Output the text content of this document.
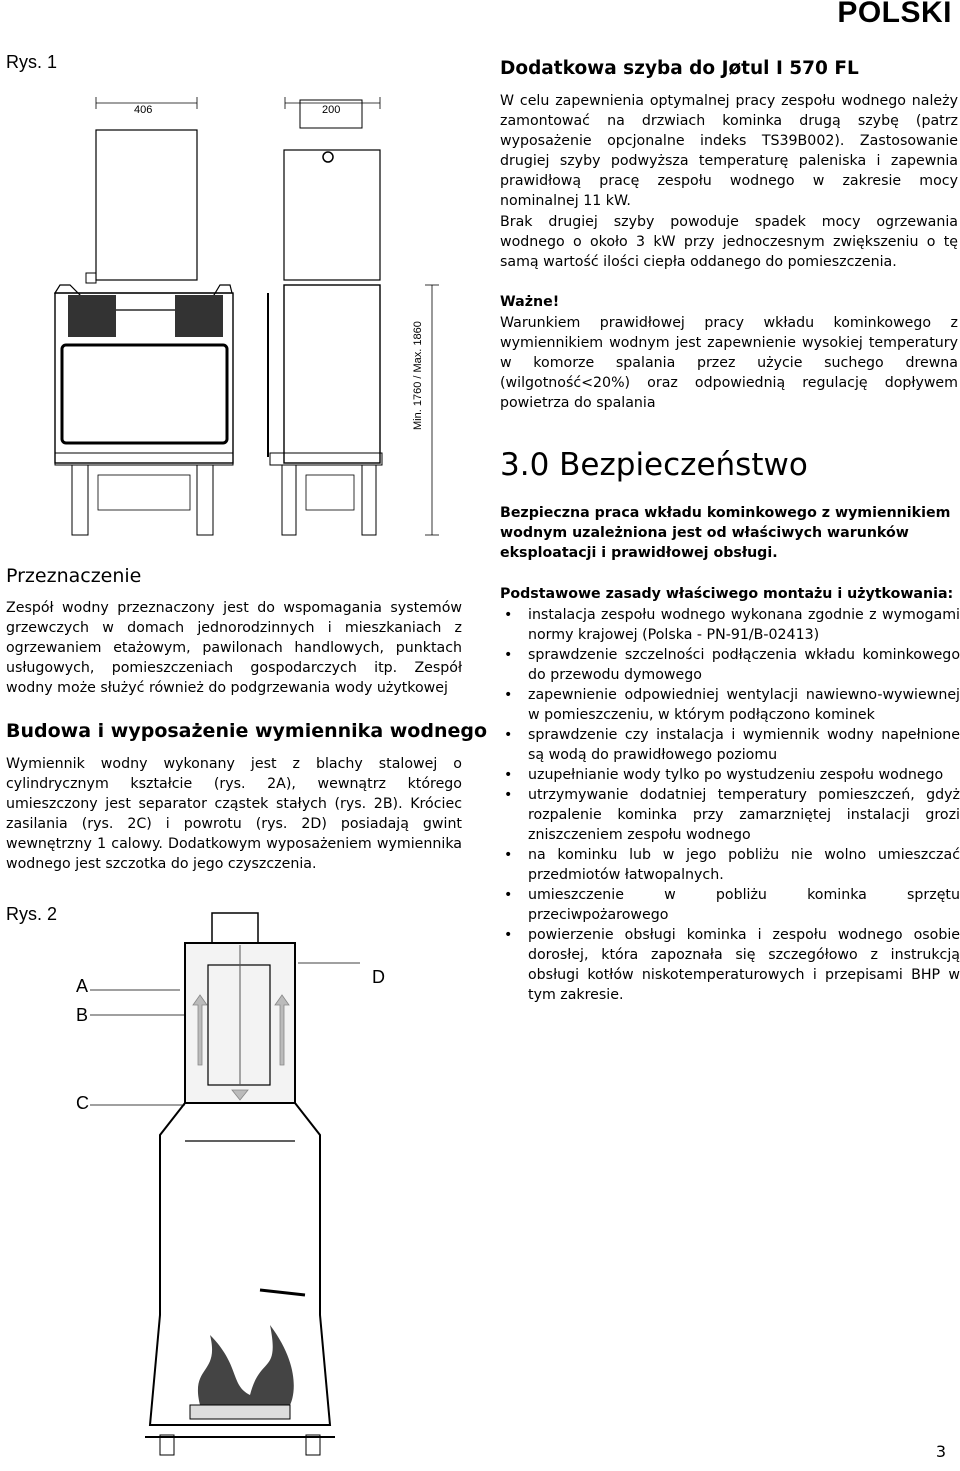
POLSKI
Rys. 1
406	200
Min. 1760 / Max. 1860
Przeznaczenie
Zespół wodny przeznaczony jest do wspomagania systemów grzewczych w domach jednorodzinnych i mieszkaniach z ogrzewaniem etażowym, pawilonach handlowych, punktach usługowych, pomieszczeniach gospodarczych itp. Zespół wodny może służyć również do podgrzewania wody użytkowej
Budowa i wyposażenie wymiennika wodnego
Wymiennik wodny wykonany jest z blachy stalowej o cylindrycznym kształcie (rys. 2A), wewnątrz którego umieszczony jest separator cząstek stałych (rys. 2B). Króciec zasilania (rys. 2C) i powrotu (rys. 2D) posiadają gwint wewnętrzny 1 calowy. Dodatkowym wyposażeniem wymiennika wodnego jest szczotka do jego czyszczenia.
Rys. 2
A
B
C
D
Dodatkowa szyba do Jøtul I 570 FL
W celu zapewnienia optymalnej pracy zespołu wodnego należy zamontować na drzwiach kominka drugą szybę (patrz wyposażenie opcjonalne indeks TS39B002). Zastosowanie drugiej szyby podwyższa temperaturę paleniska i zapewnia prawidłową pracę zespołu wodnego w zakresie mocy nominalnej 11 kW.
Brak drugiej szyby powoduje spadek mocy ogrzewania wodnego o około 3 kW przy jednoczesnym zwiększeniu o tę samą wartość ilości ciepła oddanego do pomieszczenia.
Ważne!
Warunkiem prawidłowej pracy wkładu kominkowego z wymiennikiem wodnym jest zapewnienie wysokiej temperatury w komorze spalania przez użycie suchego drewna (wilgotność<20%) oraz odpowiednią regulację dopływem powietrza do spalania
3.0 Bezpieczeństwo
Bezpieczna praca wkładu kominkowego z wymiennikiem wodnym uzależniona jest od właściwych warunków eksploatacji i prawidłowej obsługi.
Podstawowe zasady właściwego montażu i użytkowania:
• instalacja zespołu wodnego wykonana zgodnie z wymogami normy krajowej (Polska - PN-91/B-02413)
• sprawdzenie szczelności podłączenia wkładu kominkowego do przewodu dymowego
• zapewnienie odpowiedniej wentylacji nawiewno-wywiewnej w pomieszczeniu, w którym podłączono kominek
• sprawdzenie czy instalacja i wymiennik wodny napełnione są wodą do prawidłowego poziomu
• uzupełnianie wody tylko po wystudzeniu zespołu wodnego
• utrzymywanie dodatniej temperatury pomieszczeń, gdyż rozpalenie kominka przy zamarzniętej instalacji grozi zniszczeniem zespołu wodnego
• na kominku lub w jego pobliżu nie wolno umieszczać przedmiotów łatwopalnych.
• umieszczenie w pobliżu kominka sprzętu przeciwpożarowego
• powierzenie obsługi kominka i zespołu wodnego osobie dorosłej, która zapoznała się szczegółowo z instrukcją obsługi kotłów niskotemperaturowych i przepisami BHP w tym zakresie.
3
